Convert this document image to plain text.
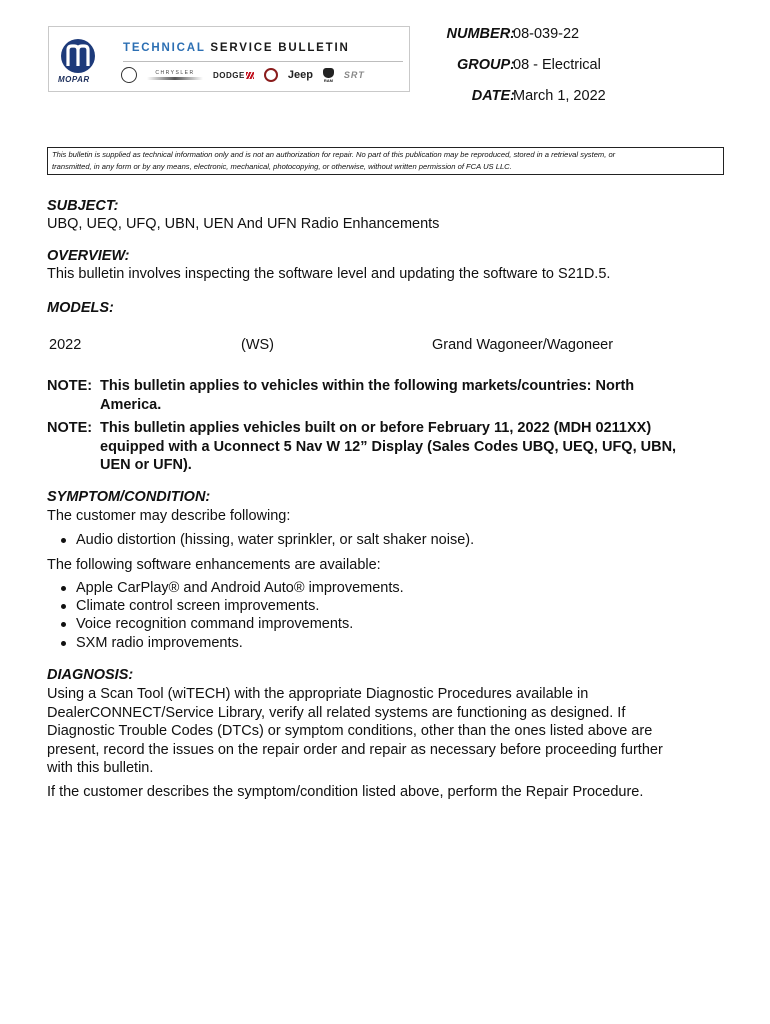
MOPAR
TECHNICAL SERVICE BULLETIN
CHRYSLER DODGE	Jeep	RAM SRT
NUMBER:
08-039-22
GROUP:
08 - Electrical
DATE:
March 1, 2022
This bulletin is supplied as technical information only and is not an authorization for repair. No part of this publication may be reproduced, stored in a retrieval system, or
transmitted, in any form or by any means, electronic, mechanical, photocopying, or otherwise, without written permission of FCA US LLC.
SUBJECT:
UBQ, UEQ, UFQ, UBN, UEN And UFN Radio Enhancements
OVERVIEW:
This bulletin involves inspecting the software level and updating the software to S21D.5.
MODELS:
2022	(WS)	Grand Wagoneer/Wagoneer
NOTE: This bulletin applies to vehicles within the following markets/countries: North
America.
NOTE: This bulletin applies vehicles built on or before February 11, 2022 (MDH 0211XX)
equipped with a Uconnect 5 Nav W 12” Display (Sales Codes UBQ, UEQ, UFQ, UBN,
UEN or UFN).
SYMPTOM/CONDITION:
The customer may describe following:
Audio distortion (hissing, water sprinkler, or salt shaker noise).
The following software enhancements are available:
Apple CarPlay® and Android Auto® improvements.
Climate control screen improvements.
Voice recognition command improvements.
SXM radio improvements.
DIAGNOSIS:
Using a Scan Tool (wiTECH) with the appropriate Diagnostic Procedures available in
DealerCONNECT/Service Library, verify all related systems are functioning as designed. If
Diagnostic Trouble Codes (DTCs) or symptom conditions, other than the ones listed above are
present, record the issues on the repair order and repair as necessary before proceeding further
with this bulletin.
If the customer describes the symptom/condition listed above, perform the Repair Procedure.
